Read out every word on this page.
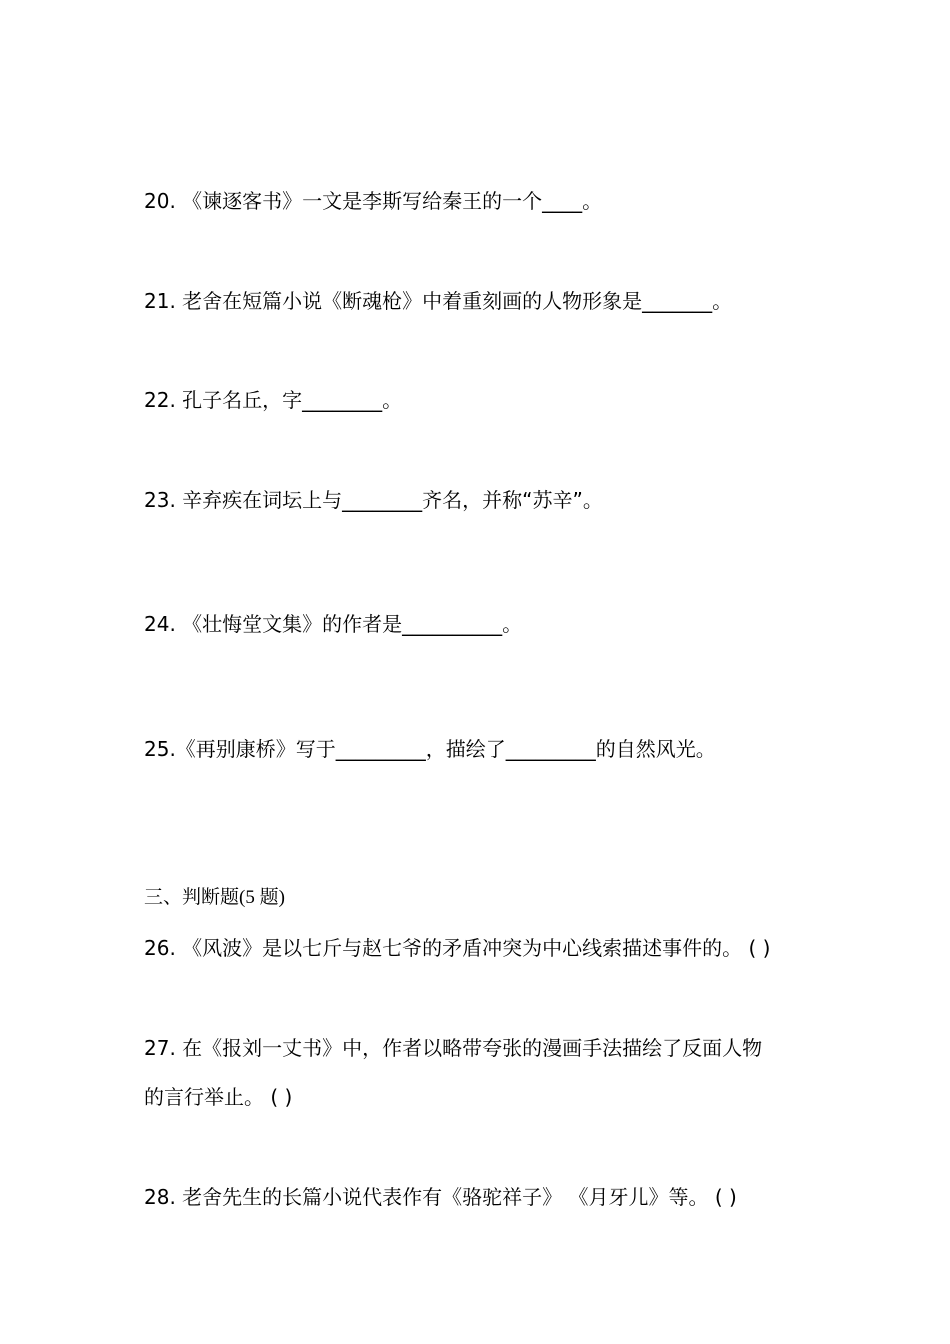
20. 《谏逐客书》一文是李斯写给秦王的一个____。
21. 老舍在短篇小说《断魂枪》中着重刻画的人物形象是_______。
22. 孔子名丘，字________。
23. 辛弃疾在词坛上与________齐名，并称“苏辛”。
24. 《壮悔堂文集》的作者是__________。
25.《再别康桥》写于_________，描绘了_________的自然风光。
三、判断题(5 题)
26. 《风波》是以七斤与赵七爷的矛盾冲突为中心线索描述事件的。 ( )
27. 在《报刘一丈书》中，作者以略带夸张的漫画手法描绘了反面人物
的言行举止。 ( )
28. 老舍先生的长篇小说代表作有《骆驼祥子》 《月牙儿》等。 ( )
